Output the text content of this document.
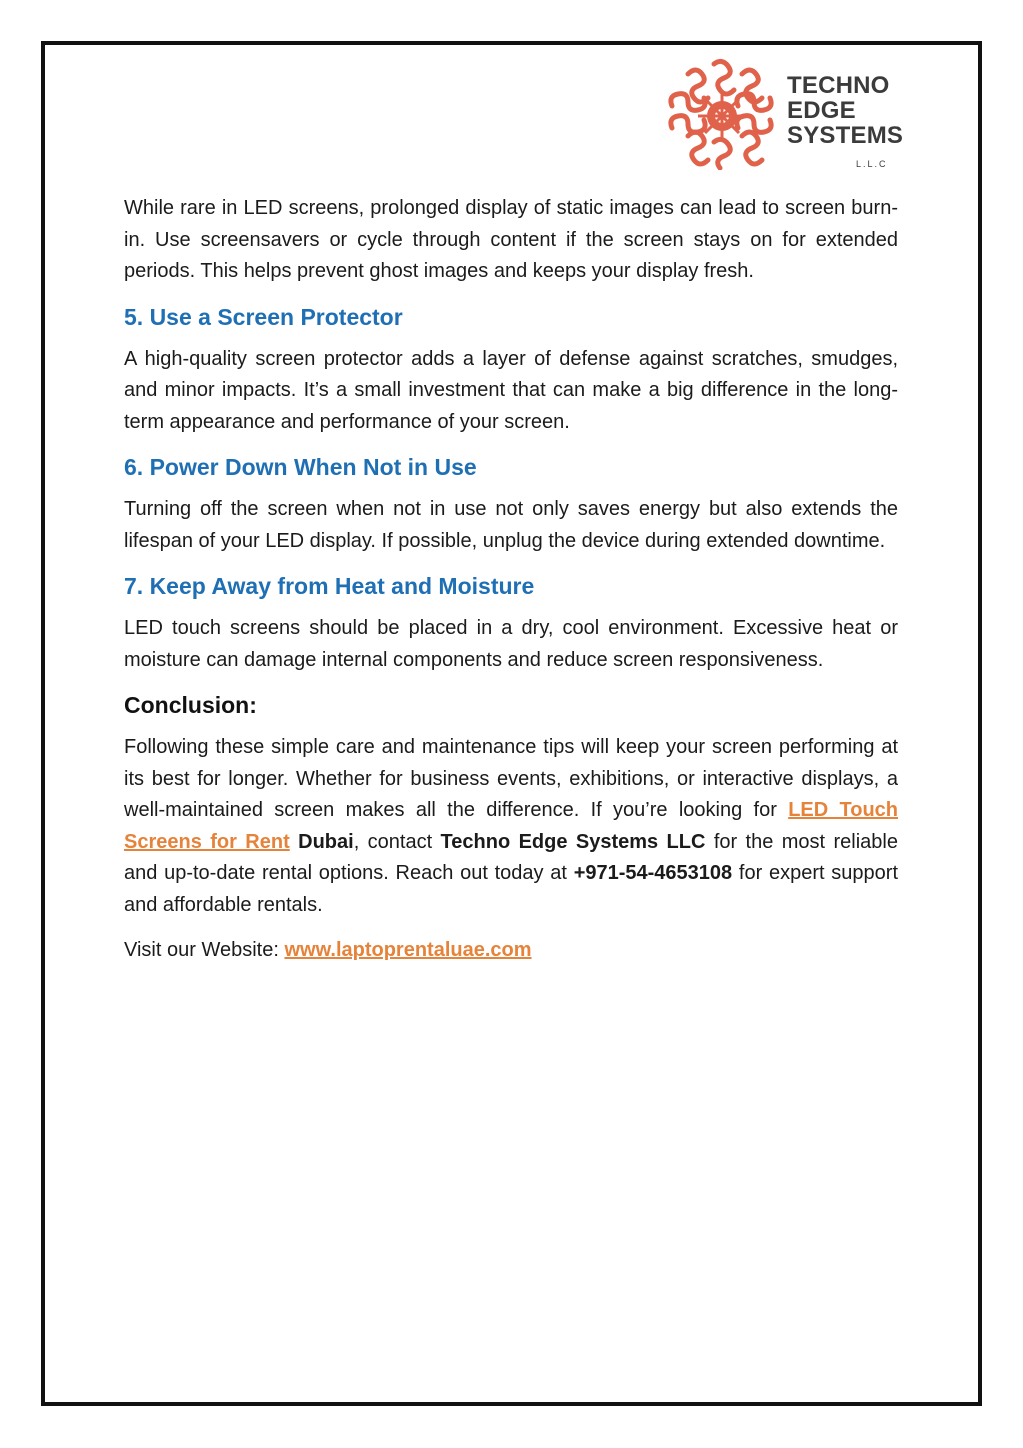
TECHNO
EDGE
SYSTEMS
L.L.C

While rare in LED screens, prolonged display of static images can lead to screen burn-in. Use screensavers or cycle through content if the screen stays on for extended periods. This helps prevent ghost images and keeps your display fresh.

5. Use a Screen Protector

A high-quality screen protector adds a layer of defense against scratches, smudges, and minor impacts. It’s a small investment that can make a big difference in the long-term appearance and performance of your screen.

6. Power Down When Not in Use

Turning off the screen when not in use not only saves energy but also extends the lifespan of your LED display. If possible, unplug the device during extended downtime.

7. Keep Away from Heat and Moisture

LED touch screens should be placed in a dry, cool environment. Excessive heat or moisture can damage internal components and reduce screen responsiveness.

Conclusion:

Following these simple care and maintenance tips will keep your screen performing at its best for longer. Whether for business events, exhibitions, or interactive displays, a well-maintained screen makes all the difference. If you’re looking for LED Touch Screens for Rent Dubai, contact Techno Edge Systems LLC for the most reliable and up-to-date rental options. Reach out today at +971-54-4653108 for expert support and affordable rentals.

Visit our Website: www.laptoprentaluae.com
